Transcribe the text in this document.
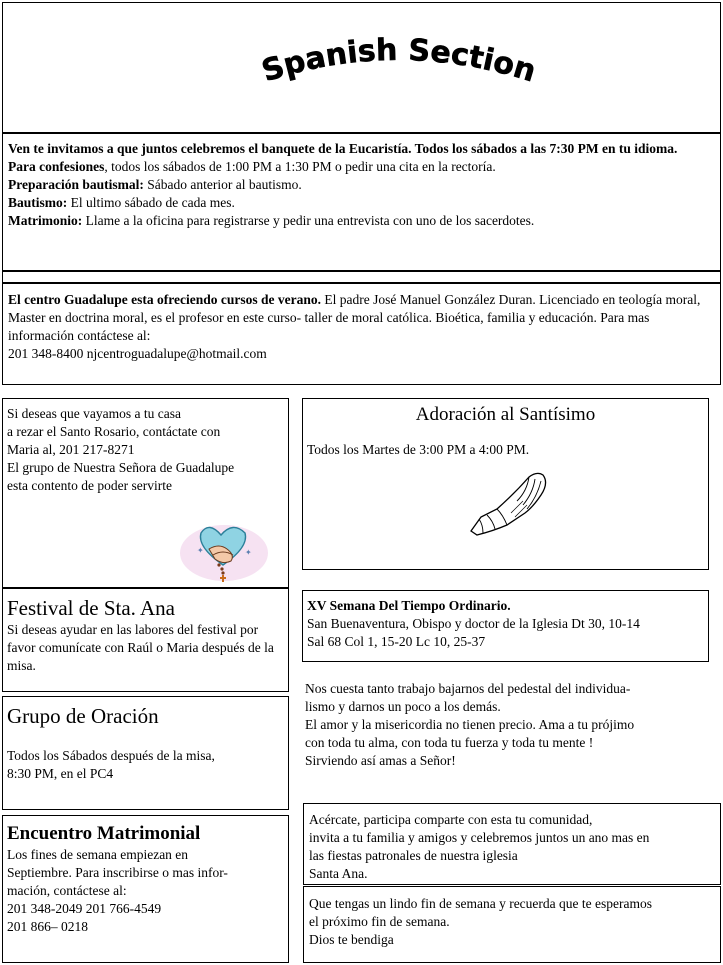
Spanish Section
Ven te invitamos a que juntos celebremos el banquete de la Eucaristía. Todos los sábados a las 7:30 PM en tu idioma.
Para confesiones, todos los sábados de 1:00 PM a 1:30 PM o pedir una cita en la rectoría.
Preparación bautismal: Sábado anterior al bautismo.
Bautismo: El ultimo sábado de cada mes.
Matrimonio: Llame a la oficina para registrarse y pedir una entrevista con uno de los sacerdotes.
El centro Guadalupe esta ofreciendo cursos de verano. El padre José Manuel González Duran. Licenciado en teología moral, Master en doctrina moral, es el profesor en este curso- taller de moral católica. Bioética, familia y educación. Para mas información contáctese al:
201 348-8400 njcentroguadalupe@hotmail.com
Si deseas que vayamos a tu casa
a rezar el Santo Rosario, contáctate con
Maria al, 201 217-8271
El grupo de Nuestra Señora de Guadalupe
esta contento de poder servirte
✦	✦
Festival de Sta. Ana
Si deseas ayudar en las labores del festival por favor comunícate con Raúl o Maria después de la misa.
Grupo de Oración
Todos los Sábados después de la misa,
8:30 PM, en el PC4
Encuentro Matrimonial
Los fines de semana empiezan en
Septiembre. Para inscribirse o mas infor-
mación, contáctese al:
201 348-2049 201 766-4549
201 866– 0218
Adoración al Santísimo
Todos los Martes de 3:00 PM a 4:00 PM.
XV Semana Del Tiempo Ordinario.
San Buenaventura, Obispo y doctor de la Iglesia Dt 30, 10-14
Sal 68 Col 1, 15-20 Lc 10, 25-37
Nos cuesta tanto trabajo bajarnos del pedestal del individua-
lismo y darnos un poco a los demás.
El amor y la misericordia no tienen precio. Ama a tu prójimo
con toda tu alma, con toda tu fuerza y toda tu mente !
Sirviendo así amas a Señor!
Acércate, participa comparte con esta tu comunidad,
invita a tu familia y amigos y celebremos juntos un ano mas en
las fiestas patronales de nuestra iglesia
Santa Ana.
Que tengas un lindo fin de semana y recuerda que te esperamos
el próximo fin de semana.
Dios te bendiga
